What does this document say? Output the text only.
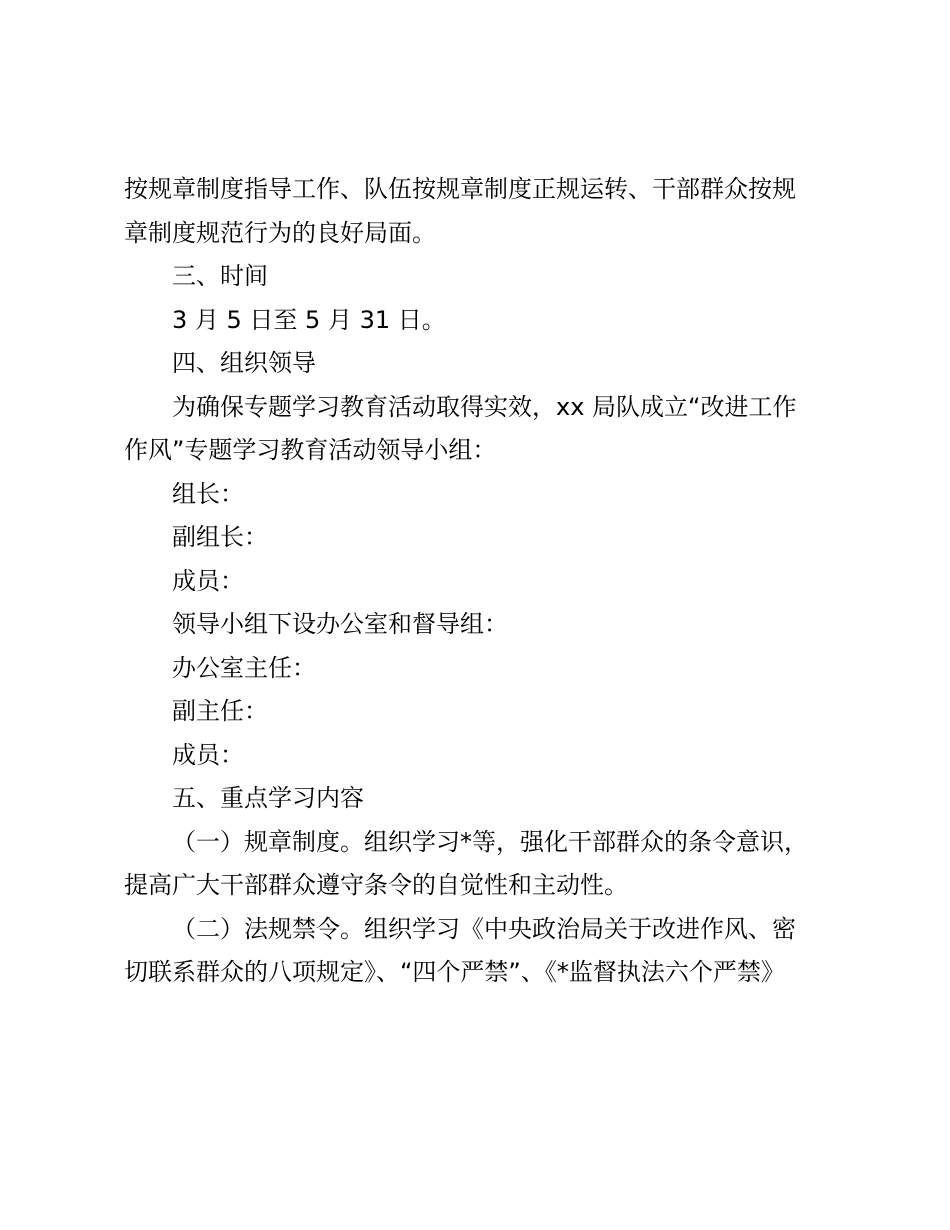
按规章制度指导工作、队伍按规章制度正规运转、干部群众按规
章制度规范行为的良好局面。
三、时间
3 月 5 日至 5 月 31 日。
四、组织领导
为确保专题学习教育活动取得实效，xx 局队成立“改进工作
作风”专题学习教育活动领导小组：
组长：
副组长：
成员：
领导小组下设办公室和督导组：
办公室主任：
副主任：
成员：
五、重点学习内容
（一）规章制度。组织学习*等，强化干部群众的条令意识，
提高广大干部群众遵守条令的自觉性和主动性。
（二）法规禁令。组织学习《中央政治局关于改进作风、密
切联系群众的八项规定》、“四个严禁”、《*监督执法六个严禁》
